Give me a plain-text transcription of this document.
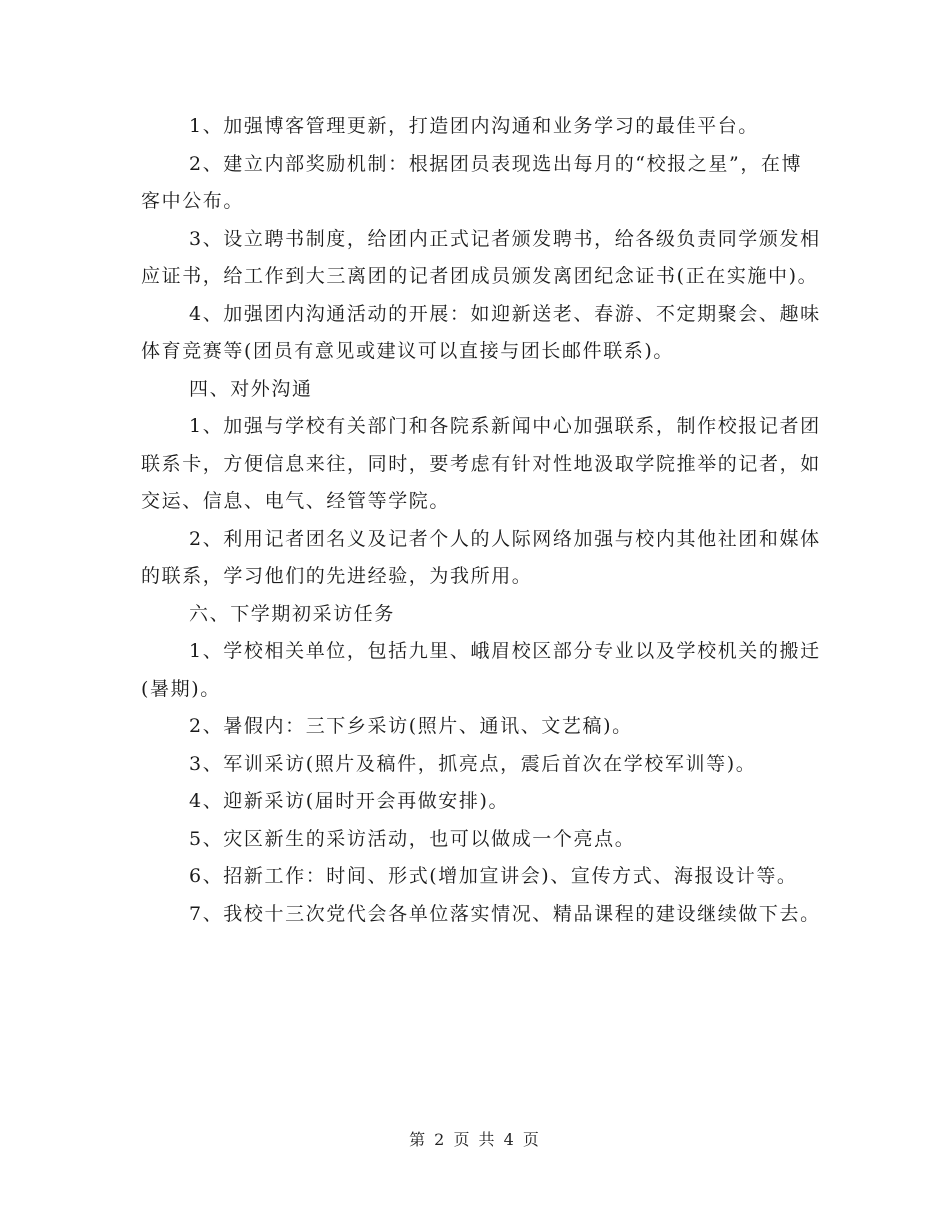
1、加强博客管理更新，打造团内沟通和业务学习的最佳平台。

2、建立内部奖励机制：根据团员表现选出每月的“校报之星”，在博客中公布。

3、设立聘书制度，给团内正式记者颁发聘书，给各级负责同学颁发相应证书，给工作到大三离团的记者团成员颁发离团纪念证书(正在实施中)。

4、加强团内沟通活动的开展：如迎新送老、春游、不定期聚会、趣味体育竞赛等(团员有意见或建议可以直接与团长邮件联系)。

四、对外沟通

1、加强与学校有关部门和各院系新闻中心加强联系，制作校报记者团联系卡，方便信息来往，同时，要考虑有针对性地汲取学院推举的记者，如交运、信息、电气、经管等学院。

2、利用记者团名义及记者个人的人际网络加强与校内其他社团和媒体的联系，学习他们的先进经验，为我所用。

六、下学期初采访任务

1、学校相关单位，包括九里、峨眉校区部分专业以及学校机关的搬迁(暑期)。

2、暑假内：三下乡采访(照片、通讯、文艺稿)。

3、军训采访(照片及稿件，抓亮点，震后首次在学校军训等)。

4、迎新采访(届时开会再做安排)。

5、灾区新生的采访活动，也可以做成一个亮点。

6、招新工作：时间、形式(增加宣讲会)、宣传方式、海报设计等。

7、我校十三次党代会各单位落实情况、精品课程的建设继续做下去。

第 2 页 共 4 页
